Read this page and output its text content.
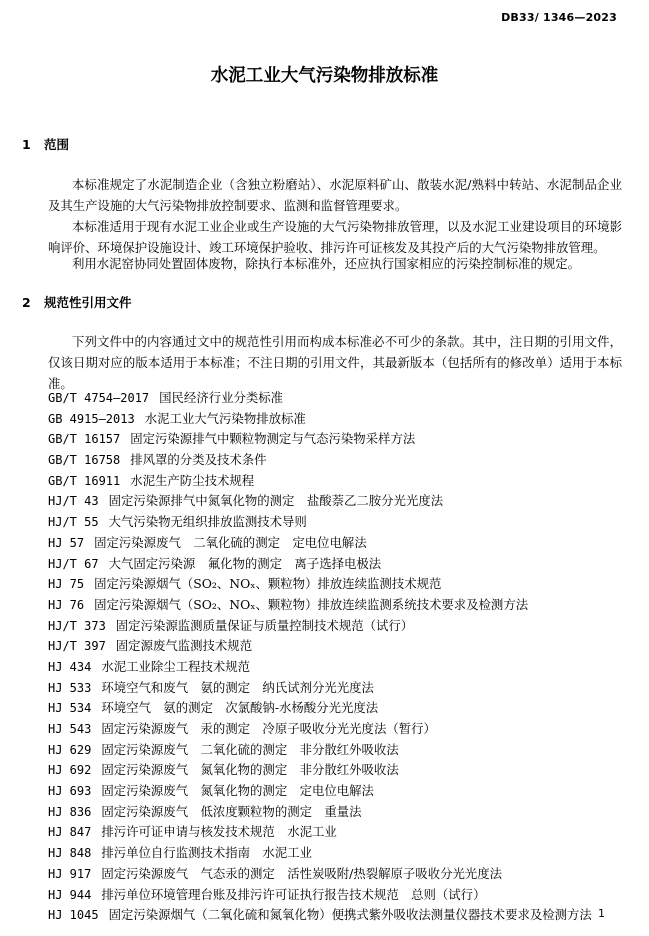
DB33/ 1346—2023
水泥工业大气污染物排放标准
1 范围

本标准规定了水泥制造企业（含独立粉磨站）、水泥原料矿山、散装水泥/熟料中转站、水泥制品企业及其生产设施的大气污染物排放控制要求、监测和监督管理要求。

本标准适用于现有水泥工业企业或生产设施的大气污染物排放管理，以及水泥工业建设项目的环境影响评价、环境保护设施设计、竣工环境保护验收、排污许可证核发及其投产后的大气污染物排放管理。

利用水泥窑协同处置固体废物，除执行本标准外，还应执行国家相应的污染控制标准的规定。

2 规范性引用文件

下列文件中的内容通过文中的规范性引用而构成本标准必不可少的条款。其中，注日期的引用文件，仅该日期对应的版本适用于本标准；不注日期的引用文件，其最新版本（包括所有的修改单）适用于本标准。

GB/T 4754—2017 国民经济行业分类标准
GB 4915—2013 水泥工业大气污染物排放标准
GB/T 16157 固定污染源排气中颗粒物测定与气态污染物采样方法
GB/T 16758 排风罩的分类及技术条件
GB/T 16911 水泥生产防尘技术规程
HJ/T 43 固定污染源排气中氮氧化物的测定　盐酸萘乙二胺分光光度法
HJ/T 55 大气污染物无组织排放监测技术导则
HJ 57 固定污染源废气　二氧化硫的测定　定电位电解法
HJ/T 67 大气固定污染源　氟化物的测定　离子选择电极法
HJ 75 固定污染源烟气（SO₂、NOₓ、颗粒物）排放连续监测技术规范
HJ 76 固定污染源烟气（SO₂、NOₓ、颗粒物）排放连续监测系统技术要求及检测方法
HJ/T 373 固定污染源监测质量保证与质量控制技术规范（试行）
HJ/T 397 固定源废气监测技术规范
HJ 434 水泥工业除尘工程技术规范
HJ 533 环境空气和废气　氨的测定　纳氏试剂分光光度法
HJ 534 环境空气　氨的测定　次氯酸钠-水杨酸分光光度法
HJ 543 固定污染源废气　汞的测定　冷原子吸收分光光度法（暂行）
HJ 629 固定污染源废气　二氧化硫的测定　非分散红外吸收法
HJ 692 固定污染源废气　氮氧化物的测定　非分散红外吸收法
HJ 693 固定污染源废气　氮氧化物的测定　定电位电解法
HJ 836 固定污染源废气　低浓度颗粒物的测定　重量法
HJ 847 排污许可证申请与核发技术规范　水泥工业
HJ 848 排污单位自行监测技术指南　水泥工业
HJ 917 固定污染源废气　气态汞的测定　活性炭吸附/热裂解原子吸收分光光度法
HJ 944 排污单位环境管理台账及排污许可证执行报告技术规范　总则（试行）
HJ 1045 固定污染源烟气（二氧化硫和氮氧化物）便携式紫外吸收法测量仪器技术要求及检测方法 1
